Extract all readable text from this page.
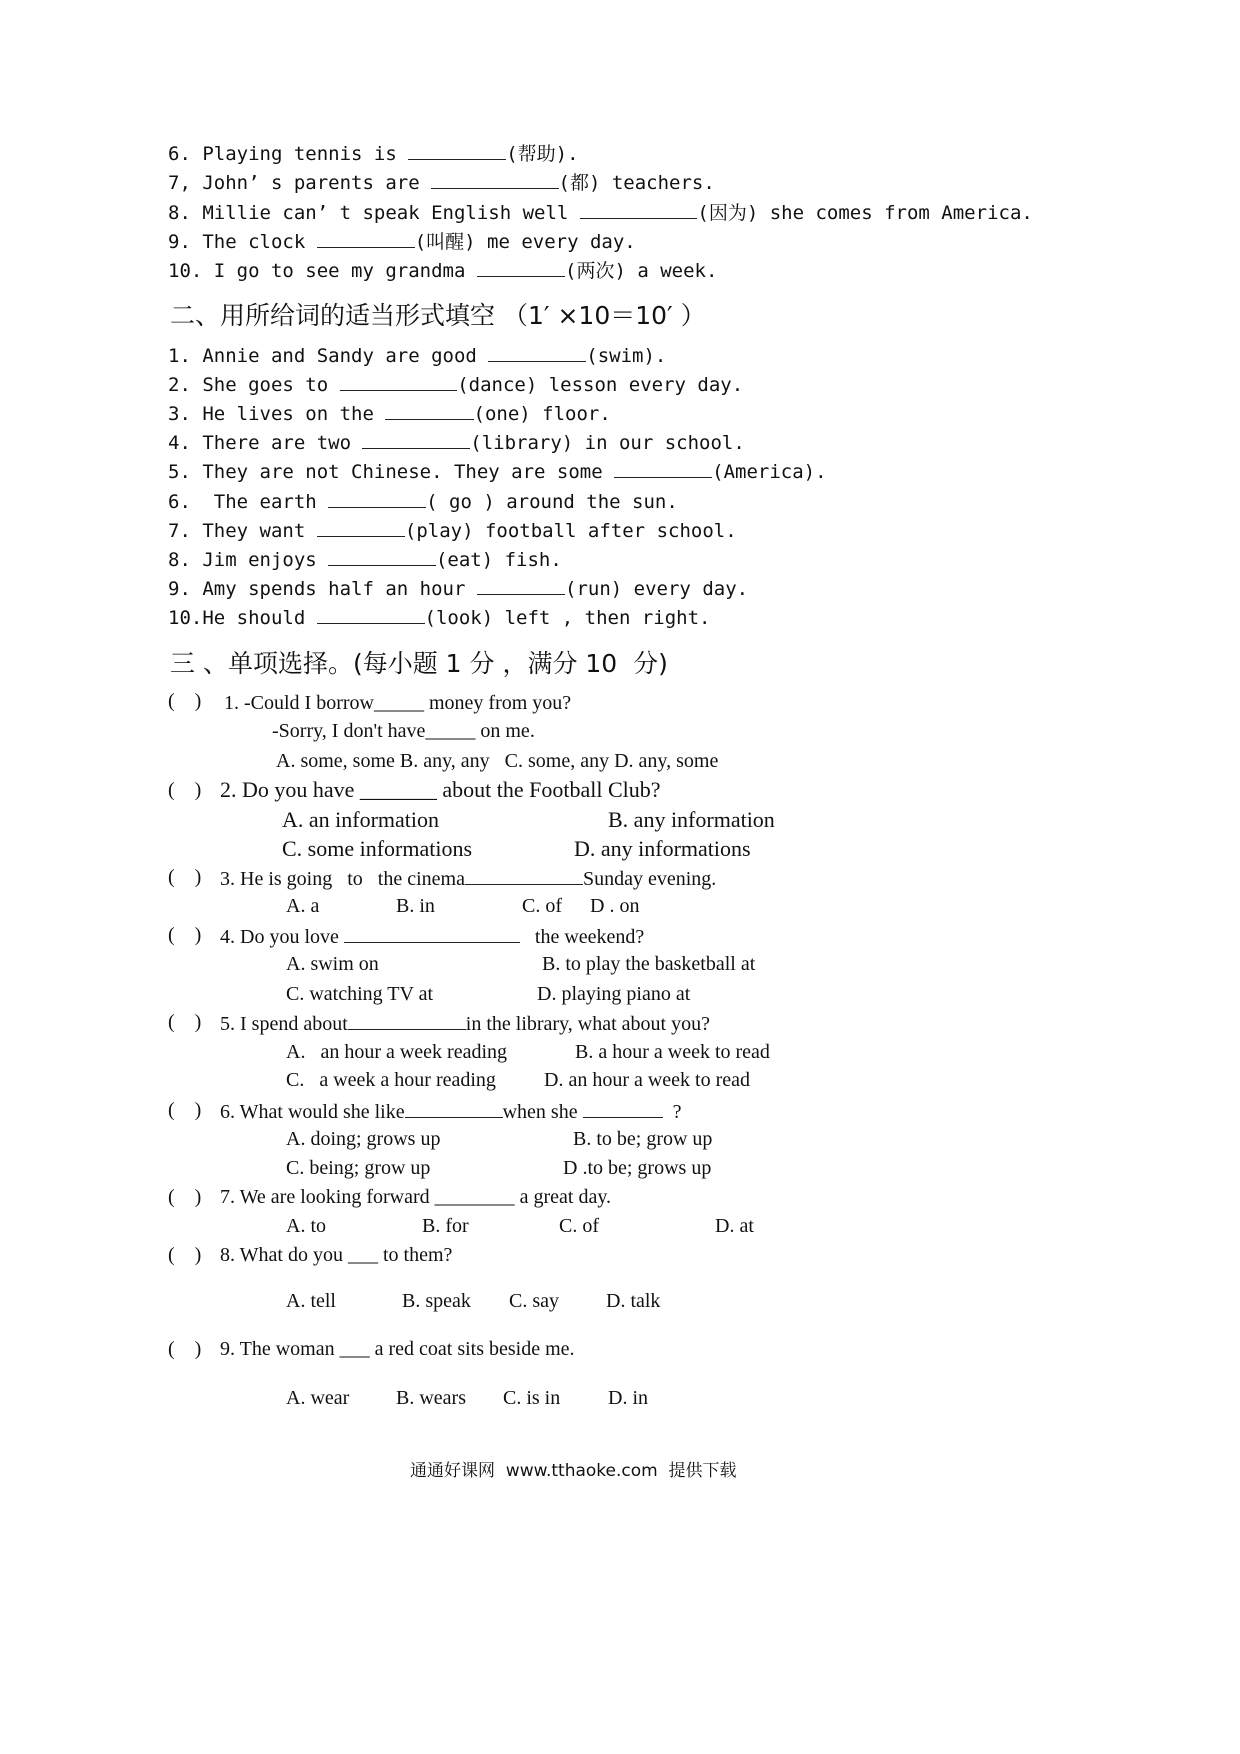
6. Playing tennis is	(帮助).
7, John’ s parents are	(都) teachers.
8. Millie can’ t speak English well	(因为) she comes from America.
9. The clock	(叫醒) me every day.
10. I go to see my grandma	(两次) a week.
二、用所给词的适当形式填空 （1′ ×10＝10′ ）
1. Annie and Sandy are good	(swim).
2. She goes to	(dance) lesson every day.
3. He lives on the	(one) floor.
4. There are two	(library) in our school.
5. They are not Chinese. They are some	(America).
6.  The earth	( go ) around the sun.
7. They want	(play) football after school.
8. Jim enjoys	(eat) fish.
9. Amy spends half an hour	(run) every day.
10.He should	(look) left , then right.
三 、单项选择。(每小题 1 分 ，满分 10  分)
(    ) 1. -Could I borrow_____ money from you?
-Sorry, I don't have_____ on me.
A. some, some B. any, any   C. some, any D. any, some
(    ) 2. Do you have _______ about the Football Club?
A. an information	B. any information
C. some informations	D. any informations
(    ) 3. He is going   to   the cinema	Sunday evening.
A. a	B. in	C. of D . on
(    ) 4. Do you love	the weekend?
A. swim on	B. to play the basketball at
C. watching TV at	D. playing piano at
(    ) 5. I spend about	in the library, what about you?
A.   an hour a week reading	B. a hour a week to read
C.   a week a hour reading D. an hour a week to read
(    ) 6. What would she like	when she	?
A. doing; grows up	B. to be; grow up
C. being; grow up	D .to be; grows up
(    ) 7. We are looking forward ________ a great day.
A. to	B. for	C. of	D. at
(    ) 8. What do you ___ to them?
A. tell	B. speak C. say D. talk
(    ) 9. The woman ___ a red coat sits beside me.
A. wear B. wears C. is in D. in
通通好课网  www.tthaoke.com  提供下载
